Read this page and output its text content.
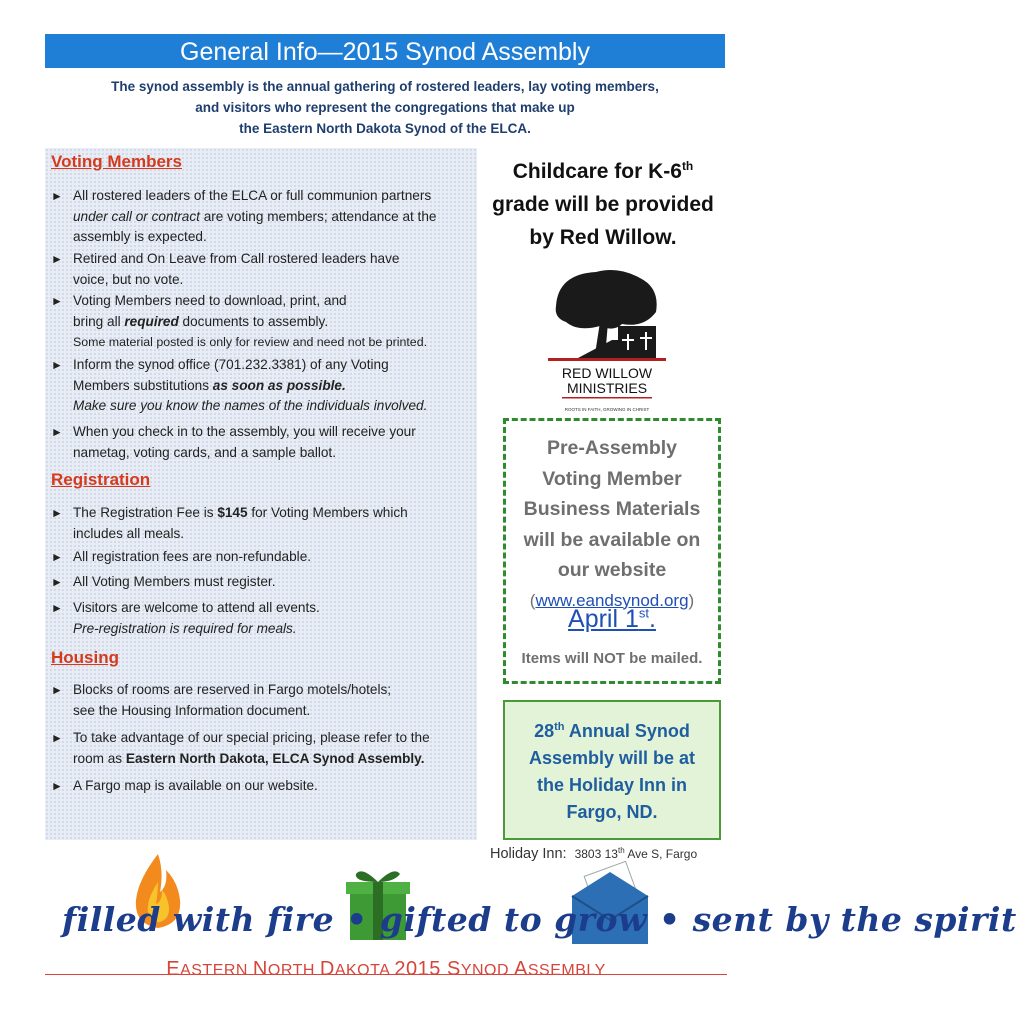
General Info—2015 Synod Assembly
The synod assembly is the annual gathering of rostered leaders, lay voting members,
and visitors who represent the congregations that make up
the Eastern North Dakota Synod of the ELCA.
Voting Members
► All rostered leaders of the ELCA or full communion partners
under call or contract are voting members; attendance at the
assembly is expected.
► Retired and On Leave from Call rostered leaders have
voice, but no vote.
► Voting Members need to download, print, and
bring all required documents to assembly.
Some material posted is only for review and need not be printed.
► Inform the synod office (701.232.3381) of any Voting
Members substitutions as soon as possible.
Make sure you know the names of the individuals involved.
► When you check in to the assembly, you will receive your
nametag, voting cards, and a sample ballot.
Registration
► The Registration Fee is $145 for Voting Members which
includes all meals.
► All registration fees are non-refundable.
► All Voting Members must register.
► Visitors are welcome to attend all events.
Pre-registration is required for meals.
Housing
► Blocks of rooms are reserved in Fargo motels/hotels;
see the Housing Information document.
► To take advantage of our special pricing, please refer to the
room as Eastern North Dakota, ELCA Synod Assembly.
► A Fargo map is available on our website.
Childcare for K-6th
grade will be provided
by Red Willow.
RED WILLOW
MINISTRIES
ROOTS IN FAITH, GROWING IN CHRIST
Pre-Assembly
Voting Member
Business Materials
will be available on
our website
(www.eandsynod.org)
April 1st.
Items will NOT be mailed.
28th Annual Synod
Assembly will be at
the Holiday Inn in
Fargo, ND.
Holiday Inn: 3803 13th Ave S, Fargo
filled with fire • gifted to grow • sent by the spirit
EASTERN NORTH DAKOTA 2015 SYNOD ASSEMBLY
